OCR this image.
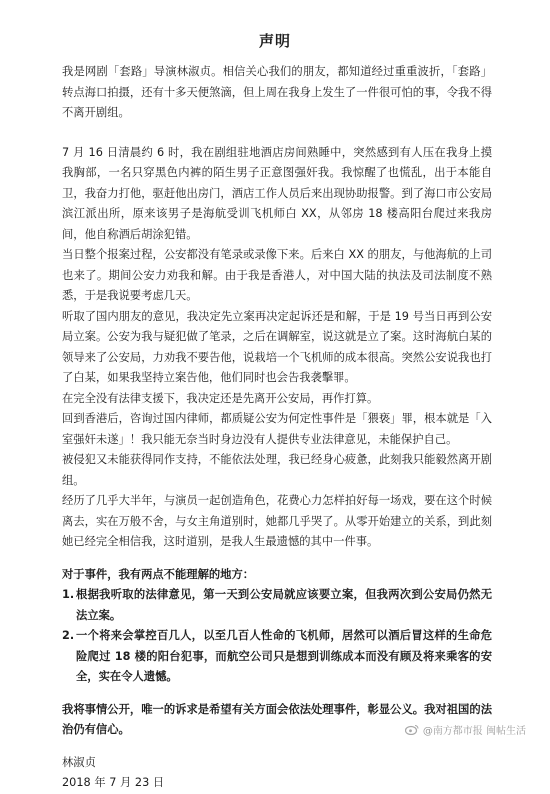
声明

我是网剧「套路」导演林淑贞。相信关心我们的朋友，都知道经过重重波折，「套路」转点海口拍摄，还有十多天便煞滴，但上周在我身上发生了一件很可怕的事，令我不得不离开剧组。

7 月 16 日清晨约 6 时，我在剧组驻地酒店房间熟睡中，突然感到有人压在我身上摸我胸部，一名只穿黑色内裤的陌生男子正意图强奸我。我惊醒了也慌乱，出于本能自卫，我奋力打他，驱赶他出房门，酒店工作人员后来出现协助报警。到了海口市公安局滨江派出所，原来该男子是海航受训飞机师白 XX，从邻房 18 楼高阳台爬过来我房间，他自称酒后胡涂犯错。

当日整个报案过程，公安都没有笔录或录像下来。后来白 XX 的朋友，与他海航的上司也来了。期间公安力劝我和解。由于我是香港人，对中国大陆的执法及司法制度不熟悉，于是我说要考虑几天。

听取了国内朋友的意见，我决定先立案再决定起诉还是和解，于是 19 号当日再到公安局立案。公安为我与疑犯做了笔录，之后在调解室，说这就是立了案。这时海航白某的领导来了公安局，力劝我不要告他，说栽培一个飞机师的成本很高。突然公安说我也打了白某，如果我坚持立案告他，他们同时也会告我袭擊罪。

在完全没有法律支援下，我决定还是先离开公安局，再作打算。

回到香港后，咨询过国内律师，都质疑公安为何定性事件是「猥亵」罪，根本就是「入室强奸未遂」！我只能无奈当时身边没有人提供专业法律意见，未能保护自己。

被侵犯又未能获得同作支持，不能依法处理，我已经身心疲惫，此刻我只能毅然离开剧组。

经历了几乎大半年，与演员一起创造角色，花费心力怎样拍好每一场戏，要在这个时候离去，实在万般不舍，与女主角道别时，她都几乎哭了。从零开始建立的关系，到此刻她已经完全相信我，这时道别，是我人生最遗憾的其中一件事。

对于事件，我有两点不能理解的地方：

1. 根据我听取的法律意见，第一天到公安局就应该要立案，但我两次到公安局仍然无法立案。
2. 一个将来会掌控百几人，以至几百人性命的飞机师，居然可以酒后冒这样的生命危险爬过 18 楼的阳台犯事，而航空公司只是想到训练成本而没有顾及将来乘客的安全，实在令人遗憾。

我将事情公开，唯一的诉求是希望有关方面会依法处理事件，彰显公义。我对祖国的法治仍有信心。

林淑贞

2018 年 7 月 23 日

@南方都市报 闽帖生活
